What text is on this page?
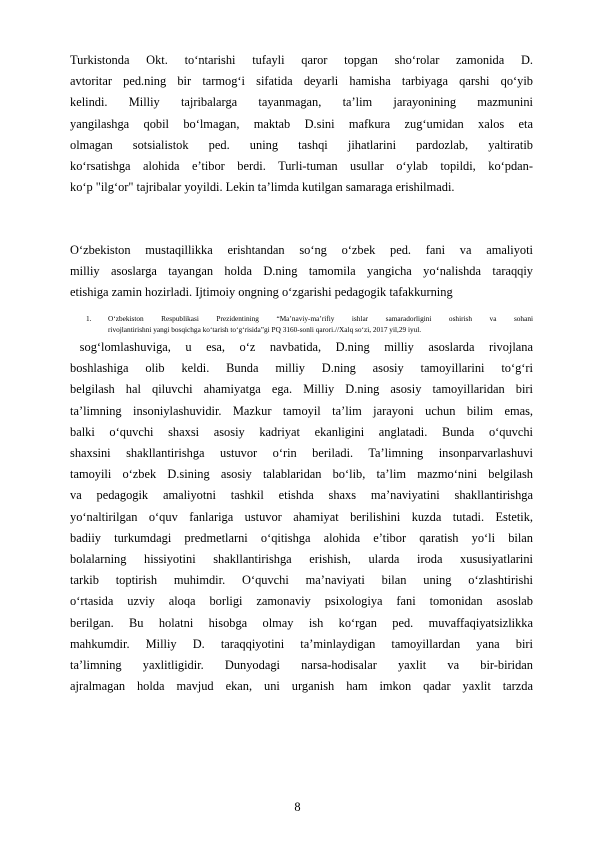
Turkistonda Okt. to‘ntarishi tufayli qaror topgan sho‘rolar zamonida D.
avtoritar ped.ning bir tarmog‘i sifatida deyarli hamisha tarbiyaga qarshi qo‘yib
kelindi. Milliy tajribalarga tayanmagan, ta’lim jarayonining mazmunini
yangilashga qobil bo‘lmagan, maktab D.sini mafkura zug‘umidan xalos eta
olmagan sotsialistok ped. uning tashqi jihatlarini pardozlab, yaltiratib
ko‘rsatishga alohida e’tibor berdi. Turli-tuman usullar o‘ylab topildi, ko‘pdan-
ko‘p "ilg‘or" tajribalar yoyildi. Lekin ta’limda kutilgan samaraga erishilmadi.
O‘zbekiston mustaqillikka erishtandan so‘ng o‘zbek ped. fani va amaliyoti
milliy asoslarga tayangan holda D.ning tamomila yangicha yo‘nalishda taraqqiy
etishiga zamin hozirladi. Ijtimoiy ongning o‘zgarishi pedagogik tafakkurning
1. O‘zbekiston Respublikasi Prezidentining “Ma’naviy-ma’rifiy ishlar samaradorligini oshirish va sohani
rivojlantirishni yangi bosqichga ko‘tarish to‘g‘risida”gi PQ 3160-sonli qarori.//Xalq so‘zi, 2017 yil,29 iyul.
sog‘lomlashuviga,   u   esa,   o‘z   navbatida,   D.ning   milliy   asoslarda   rivojlana
boshlashiga olib keldi. Bunda milliy D.ning asosiy tamoyillarini to‘g‘ri
belgilash hal qiluvchi ahamiyatga ega. Milliy D.ning asosiy tamoyillaridan biri
ta’limning insoniylashuvidir. Mazkur tamoyil ta’lim jarayoni uchun bilim emas,
balki o‘quvchi shaxsi asosiy kadriyat ekanligini anglatadi. Bunda o‘quvchi
shaxsini shakllantirishga ustuvor o‘rin beriladi. Ta’limning insonparvarlashuvi
tamoyili o‘zbek D.sining asosiy talablaridan bo‘lib, ta’lim mazmo‘nini belgilash
va pedagogik amaliyotni tashkil etishda shaxs ma’naviyatini shakllantirishga
yo‘naltirilgan o‘quv fanlariga ustuvor ahamiyat berilishini kuzda tutadi. Estetik,
badiiy turkumdagi predmetlarni o‘qitishga alohida e’tibor qaratish yo‘li bilan
bolalarning hissiyotini shakllantirishga erishish, ularda iroda xususiyatlarini
tarkib toptirish muhimdir. O‘quvchi ma’naviyati bilan uning o‘zlashtirishi
o‘rtasida uzviy aloqa borligi zamonaviy psixologiya fani tomonidan asoslab
berilgan. Bu holatni hisobga olmay ish ko‘rgan ped. muvaffaqiyatsizlikka
mahkumdir. Milliy D. taraqqiyotini ta’minlaydigan tamoyillardan yana biri
ta’limning yaxlitligidir. Dunyodagi narsa-hodisalar yaxlit va bir-biridan
ajralmagan holda mavjud ekan, uni urganish ham imkon qadar yaxlit tarzda
8
